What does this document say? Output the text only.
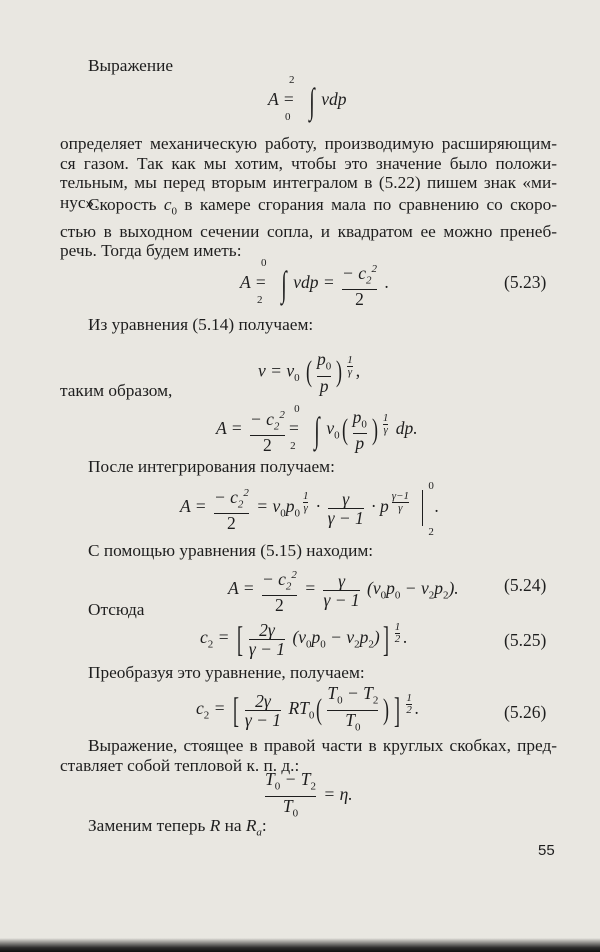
Выражение

A =
2
0 ∫ vdp

определяет механическую работу, производимую расширяющим-ся газом. Так как мы хотим, чтобы это значение было положи-тельным, мы перед вторым интегралом в (5.22) пишем знак «ми-нус».

Скорость $c_0$ в камере сгорания мала по сравнению со скоро-стью в выходном сечении сопла, и квадратом ее можно пренеб-речь. Тогда будем иметь:

A =
0
2 ∫ vdp = $\frac{- c_2^2}{2}$ .	(5.23)

Из уравнения (5.14) получаем:

$v = v_0$ ( $\frac{p_0}{p}$ ) $^{\frac{1}{\gamma}}$ ,

таким образом,

$A = \frac{- c_2^2}{2}$ =
0
2 ∫ $v_0( \frac{p_0}{p}$ ) $^{\frac{1}{\gamma}}$ dp.

После интегрирования получаем:

$A = \frac{- c_2^2}{2} = v_0p_0$ $^{\frac{1}{\gamma}} \cdot \frac{\gamma}{\gamma - 1} \cdot p$ $^{\frac{\gamma-1}{\gamma}}$

0
2
.

С помощью уравнения (5.15) находим:

$A = \frac{- c_2^2}{2} = \frac{\gamma}{\gamma - 1} (v_0p_0 - v_2p_2)$.	(5.24)

Отсюда

$c_2$ = [ $\frac{2\gamma}{\gamma - 1} (v_0p_0 - v_2p_2)$] $^{\frac{1}{2}}$ .	(5.25)

Преобразуя это уравнение, получаем:

$c_2$ = [ $\frac{2\gamma}{\gamma - 1} RT_0( \frac{T_0 - T_2}{T_0}$ ) ] $^{\frac{1}{2}}$ .	(5.26)

Выражение, стоящее в правой части в круглых скобках, пред-ставляет собой тепловой к. п. д.:

$\frac{T_0 - T_2}{T_0} = \eta$.

Заменим теперь R на $R_a$:

55
